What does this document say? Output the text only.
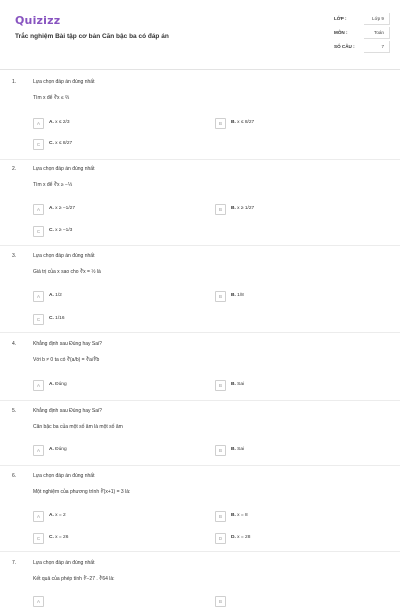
Quizizz
Trắc nghiệm Bài tập cơ bản Căn bậc ba có đáp án
LỚP :	Lớp 9
MÔN :	Toán
SỐ CÂU :	7
1.	Lựa chọn đáp án đúng nhất
Tìm x để ∛x ≤ ⅔
A	A. x ≤ 2/3	B	B. x ≤ 8/27
C	C. x ≤ 8/27
2.	Lựa chọn đáp án đúng nhất
Tìm x để ∛x ≥ −⅓
A	A. x ≥ −1/27	B	B. x ≥ 1/27
C	C. x ≥ −1/3
3.	Lựa chọn đáp án đúng nhất
Giá trị của x sao cho ∛x = ½ là
A	A. 1/2	B	B. 1/8
C	C. 1/16
4.	Khẳng định sau Đúng hay Sai?
Với b ≠ 0 ta có ∛(a/b) = ∛a/∛b
A	A. Đúng	B	B. Sai
5.	Khẳng định sau Đúng hay Sai?
Căn bậc ba của một số âm là một số âm
A	A. Đúng	B	B. Sai
6.	Lựa chọn đáp án đúng nhất
Một nghiệm của phương trình ∛(x+1) = 3 là:
A	A. x = 2	B	B. x = 8
C	C. x = 26	D	D. x = 28
7.	Lựa chọn đáp án đúng nhất
Kết quả của phép tính ∛−27 . ∛64 là:
A	B
